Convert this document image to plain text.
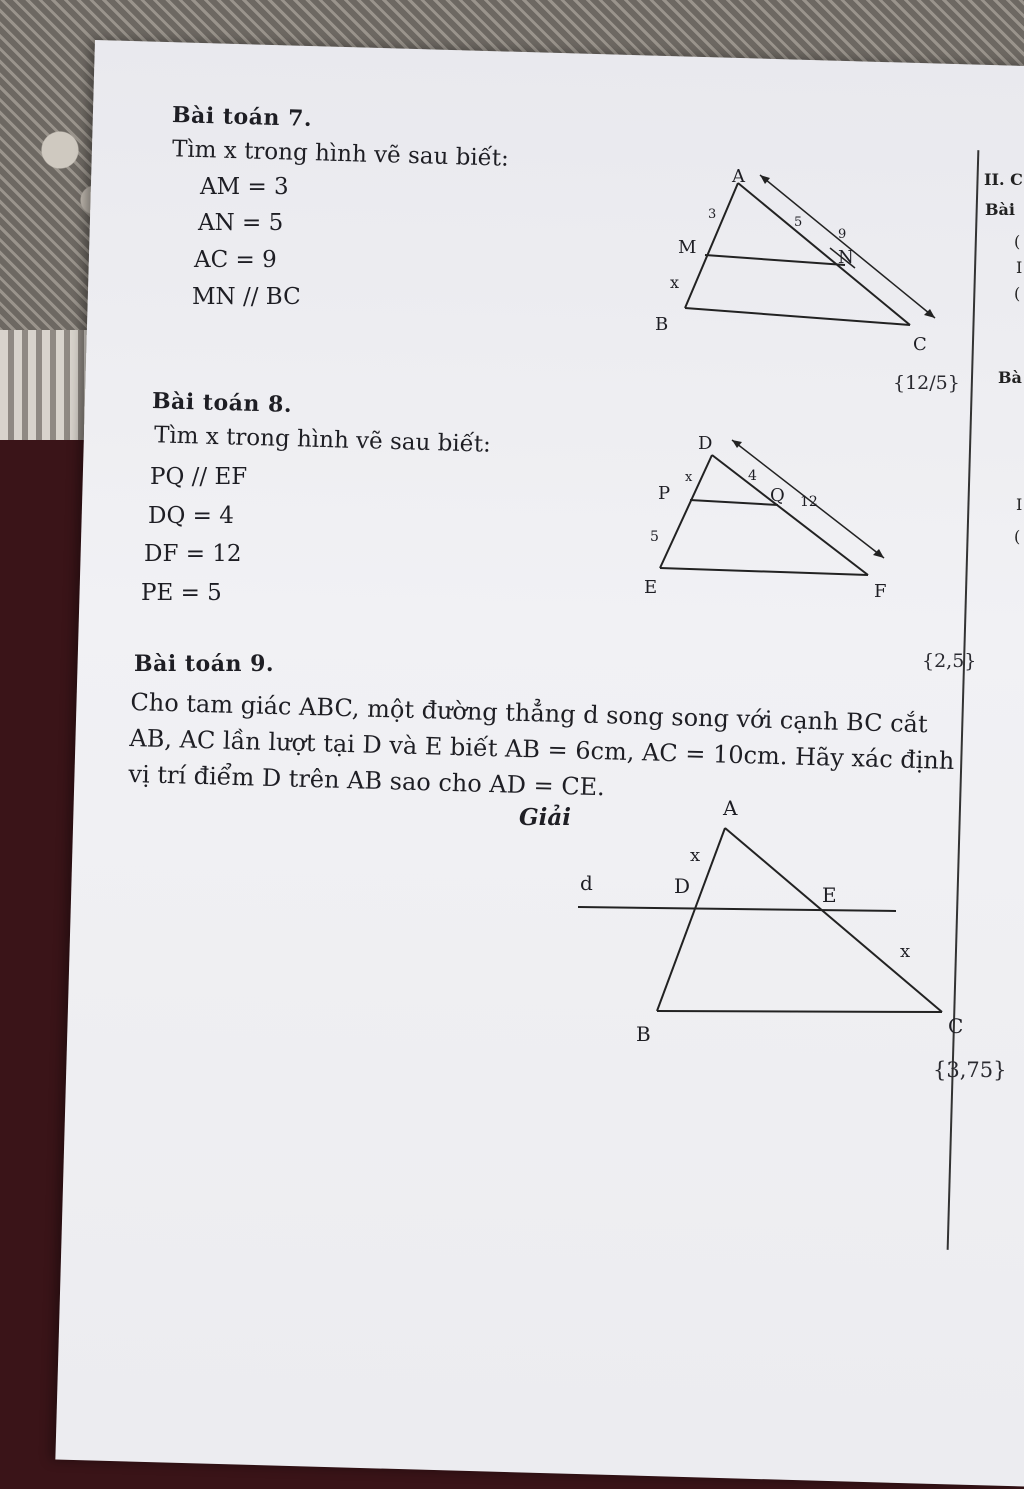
II. C
Bài
(
I
(
Bà
I
(
Bài toán 7.
Tìm x trong hình vẽ sau biết:
AM = 3
AN = 5
AC = 9
MN // BC
{12/5}
A
M	N
B
C
3
5
9
x
Bài toán 8.
Tìm x trong hình vẽ sau biết:
PQ // EF
DQ = 4
DF = 12
PE = 5
{2,5}
D
P	Q
E	F
x	4
12
5
Bài toán 9.
Cho tam giác ABC, một đường thẳng d song song với cạnh BC cắt AB, AC lần lượt tại D và E biết AB = 6cm, AC = 10cm. Hãy xác định vị trí điểm D trên AB sao cho AD = CE.
Giải
{3,75}
A
D	E
B	C
d
x
x
